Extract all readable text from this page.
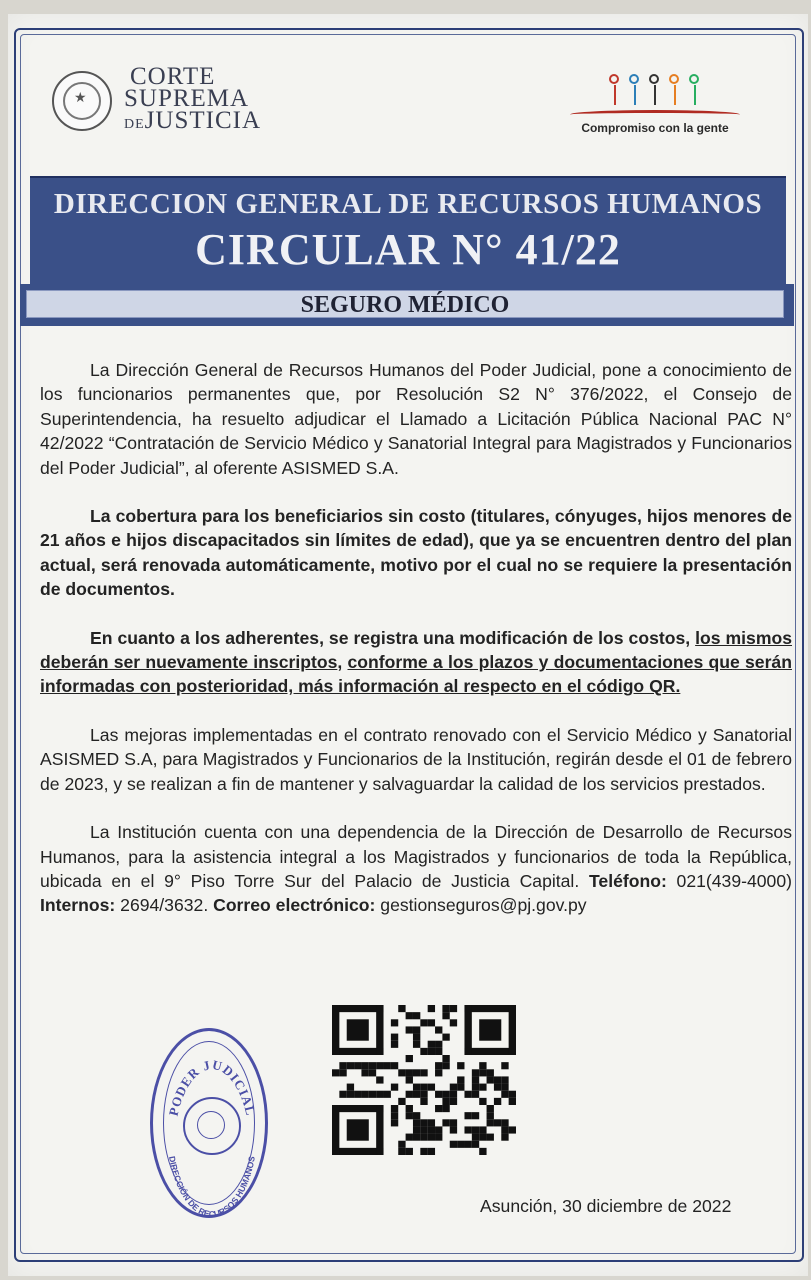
★
CORTE
SUPREMA
DEJUSTICIA	Compromiso con la gente
DIRECCION GENERAL DE RECURSOS HUMANOS
CIRCULAR N° 41/22
SEGURO MÉDICO

La Dirección General de Recursos Humanos del Poder Judicial, pone a conocimiento de los funcionarios permanentes que, por Resolución S2 N° 376/2022, el Consejo de Superintendencia, ha resuelto adjudicar el Llamado a Licitación Pública Nacional PAC N° 42/2022 “Contratación de Servicio Médico y Sanatorial Integral para Magistrados y Funcionarios del Poder Judicial”, al oferente ASISMED S.A.

La cobertura para los beneficiarios sin costo (titulares, cónyuges, hijos menores de 21 años e hijos discapacitados sin límites de edad), que ya se encuentren dentro del plan actual, será renovada automáticamente, motivo por el cual no se requiere la presentación de documentos.

En cuanto a los adherentes, se registra una modificación de los costos, los mismos deberán ser nuevamente inscriptos, conforme a los plazos y documentaciones que serán informadas con posterioridad, más información al respecto en el código QR.

Las mejoras implementadas en el contrato renovado con el Servicio Médico y Sanatorial ASISMED S.A, para Magistrados y Funcionarios de la Institución, regirán desde el 01 de febrero de 2023, y se realizan a fin de mantener y salvaguardar la calidad de los servicios prestados.

La Institución cuenta con una dependencia de la Dirección de Desarrollo de Recursos Humanos, para la asistencia integral a los Magistrados y funcionarios de toda la República, ubicada en el 9° Piso Torre Sur del Palacio de Justicia Capital. Teléfono: 021(439-4000) Internos: 2694/3632. Correo electrónico: gestionseguros@pj.gov.py

PODER JUDICIAL
DIRECCIÓN DE RECURSOS HUMANOS
Asunción, 30 diciembre de 2022
